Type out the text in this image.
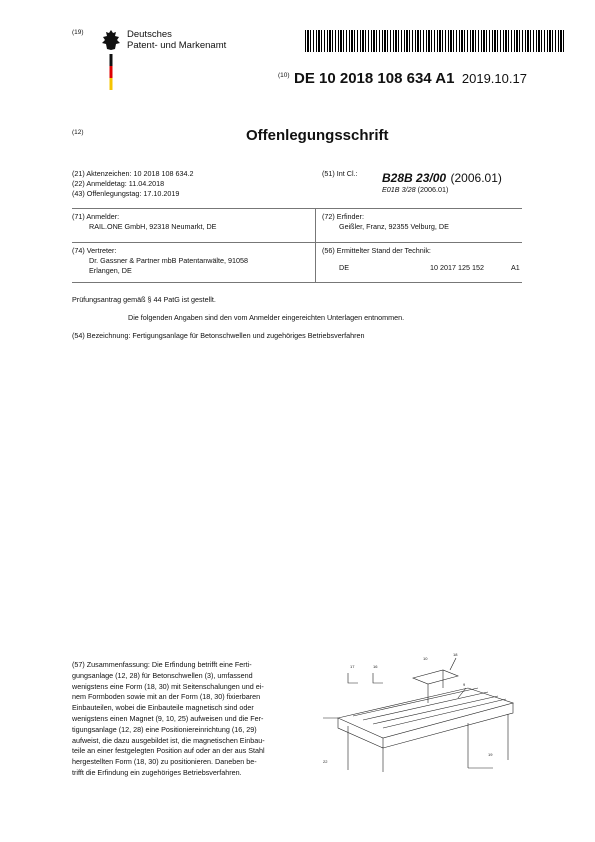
(19)	Deutsches
Patent- und Markenamt
$^{(10)}$ DE 10 2018 108 634 A1 2019.10.17
(12)	Offenlegungsschrift
(21) Aktenzeichen: 10 2018 108 634.2
(22) Anmeldetag: 11.04.2018
(43) Offenlegungstag: 17.10.2019
(51) Int Cl.: B28B 23/00 (2006.01)
E01B 3/28 (2006.01)
(71) Anmelder:
RAIL.ONE GmbH, 92318 Neumarkt, DE
(72) Erfinder:
Geißler, Franz, 92355 Velburg, DE
(74) Vertreter:
Dr. Gassner & Partner mbB Patentanwälte, 91058
Erlangen, DE
(56) Ermittelter Stand der Technik:
DE	10 2017 125 152	A1
Prüfungsantrag gemäß § 44 PatG ist gestellt.
Die folgenden Angaben sind den vom Anmelder eingereichten Unterlagen entnommen.
(54) Bezeichnung: Fertigungsanlage für Betonschwellen und zugehöriges Betriebsverfahren
(57) Zusammenfassung: Die Erfindung betrifft eine Ferti-
gungsanlage (12, 28) für Betonschwellen (3), umfassend
wenigstens eine Form (18, 30) mit Seitenschalungen und ei-
nem Formboden sowie mit an der Form (18, 30) fixierbaren
Einbauteilen, wobei die Einbauteile magnetisch sind oder
wenigstens einen Magnet (9, 10, 25) aufweisen und die Fer-
tigungsanlage (12, 28) eine Positioniereinrichtung (16, 29)
aufweist, die dazu ausgebildet ist, die magnetischen Einbau-
teile an einer festgelegten Position auf oder an der aus Stahl
hergestellten Form (18, 30) zu positionieren. Daneben be-
trifft die Erfindung ein zugehöriges Betriebsverfahren.
17	16
18
10
9
22
19
